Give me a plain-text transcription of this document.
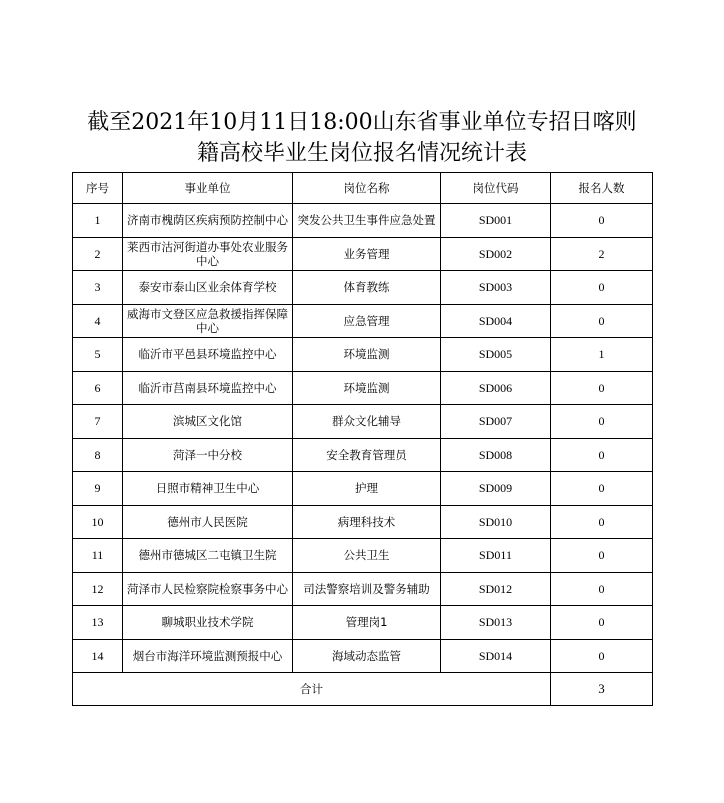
截至2021年10月11日18:00山东省事业单位专招日喀则
籍高校毕业生岗位报名情况统计表
序号	事业单位	岗位名称	岗位代码	报名人数
1	济南市槐荫区疾病预防控制中心	突发公共卫生事件应急处置	SD001	0
2	莱西市沽河街道办事处农业服务中心	业务管理	SD002	2
3	泰安市泰山区业余体育学校	体育教练	SD003	0
4	威海市文登区应急救援指挥保障中心	应急管理	SD004	0
5	临沂市平邑县环境监控中心	环境监测	SD005	1
6	临沂市莒南县环境监控中心	环境监测	SD006	0
7	滨城区文化馆	群众文化辅导	SD007	0
8	菏泽一中分校	安全教育管理员	SD008	0
9	日照市精神卫生中心	护理	SD009	0
10	德州市人民医院	病理科技术	SD010	0
11	德州市德城区二屯镇卫生院	公共卫生	SD011	0
12	菏泽市人民检察院检察事务中心	司法警察培训及警务辅助	SD012	0
13	聊城职业技术学院	管理岗1	SD013	0
14	烟台市海洋环境监测预报中心	海域动态监管	SD014	0
合计				3
